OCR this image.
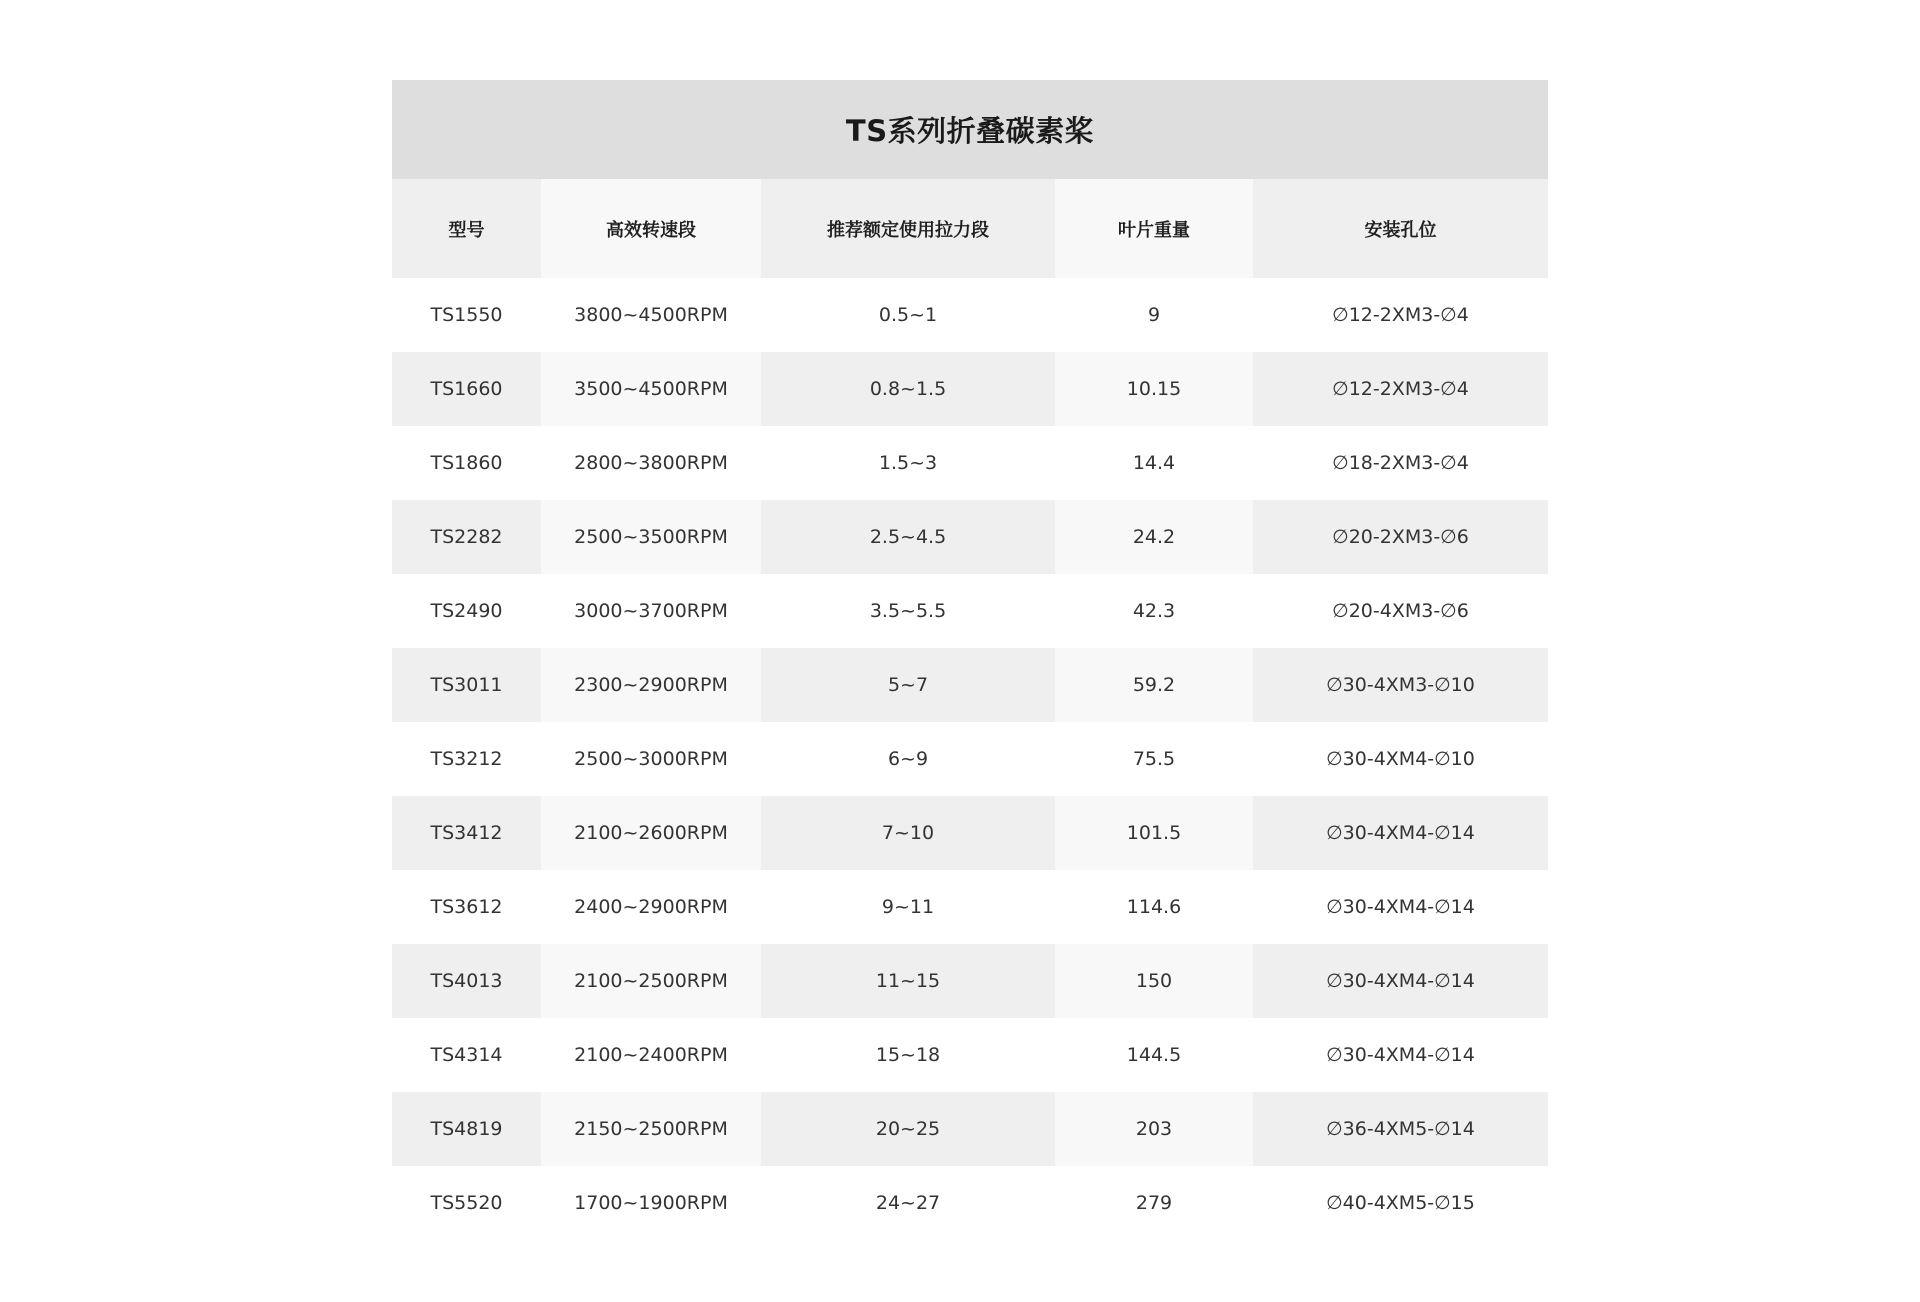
TS系列折叠碳素桨
型号	高效转速段	推荐额定使用拉力段	叶片重量	安装孔位
TS1550	3800~4500RPM	0.5~1	9	∅12-2XM3-∅4
TS1660	3500~4500RPM	0.8~1.5	10.15	∅12-2XM3-∅4
TS1860	2800~3800RPM	1.5~3	14.4	∅18-2XM3-∅4
TS2282	2500~3500RPM	2.5~4.5	24.2	∅20-2XM3-∅6
TS2490	3000~3700RPM	3.5~5.5	42.3	∅20-4XM3-∅6
TS3011	2300~2900RPM	5~7	59.2	∅30-4XM3-∅10
TS3212	2500~3000RPM	6~9	75.5	∅30-4XM4-∅10
TS3412	2100~2600RPM	7~10	101.5	∅30-4XM4-∅14
TS3612	2400~2900RPM	9~11	114.6	∅30-4XM4-∅14
TS4013	2100~2500RPM	11~15	150	∅30-4XM4-∅14
TS4314	2100~2400RPM	15~18	144.5	∅30-4XM4-∅14
TS4819	2150~2500RPM	20~25	203	∅36-4XM5-∅14
TS5520	1700~1900RPM	24~27	279	∅40-4XM5-∅15
